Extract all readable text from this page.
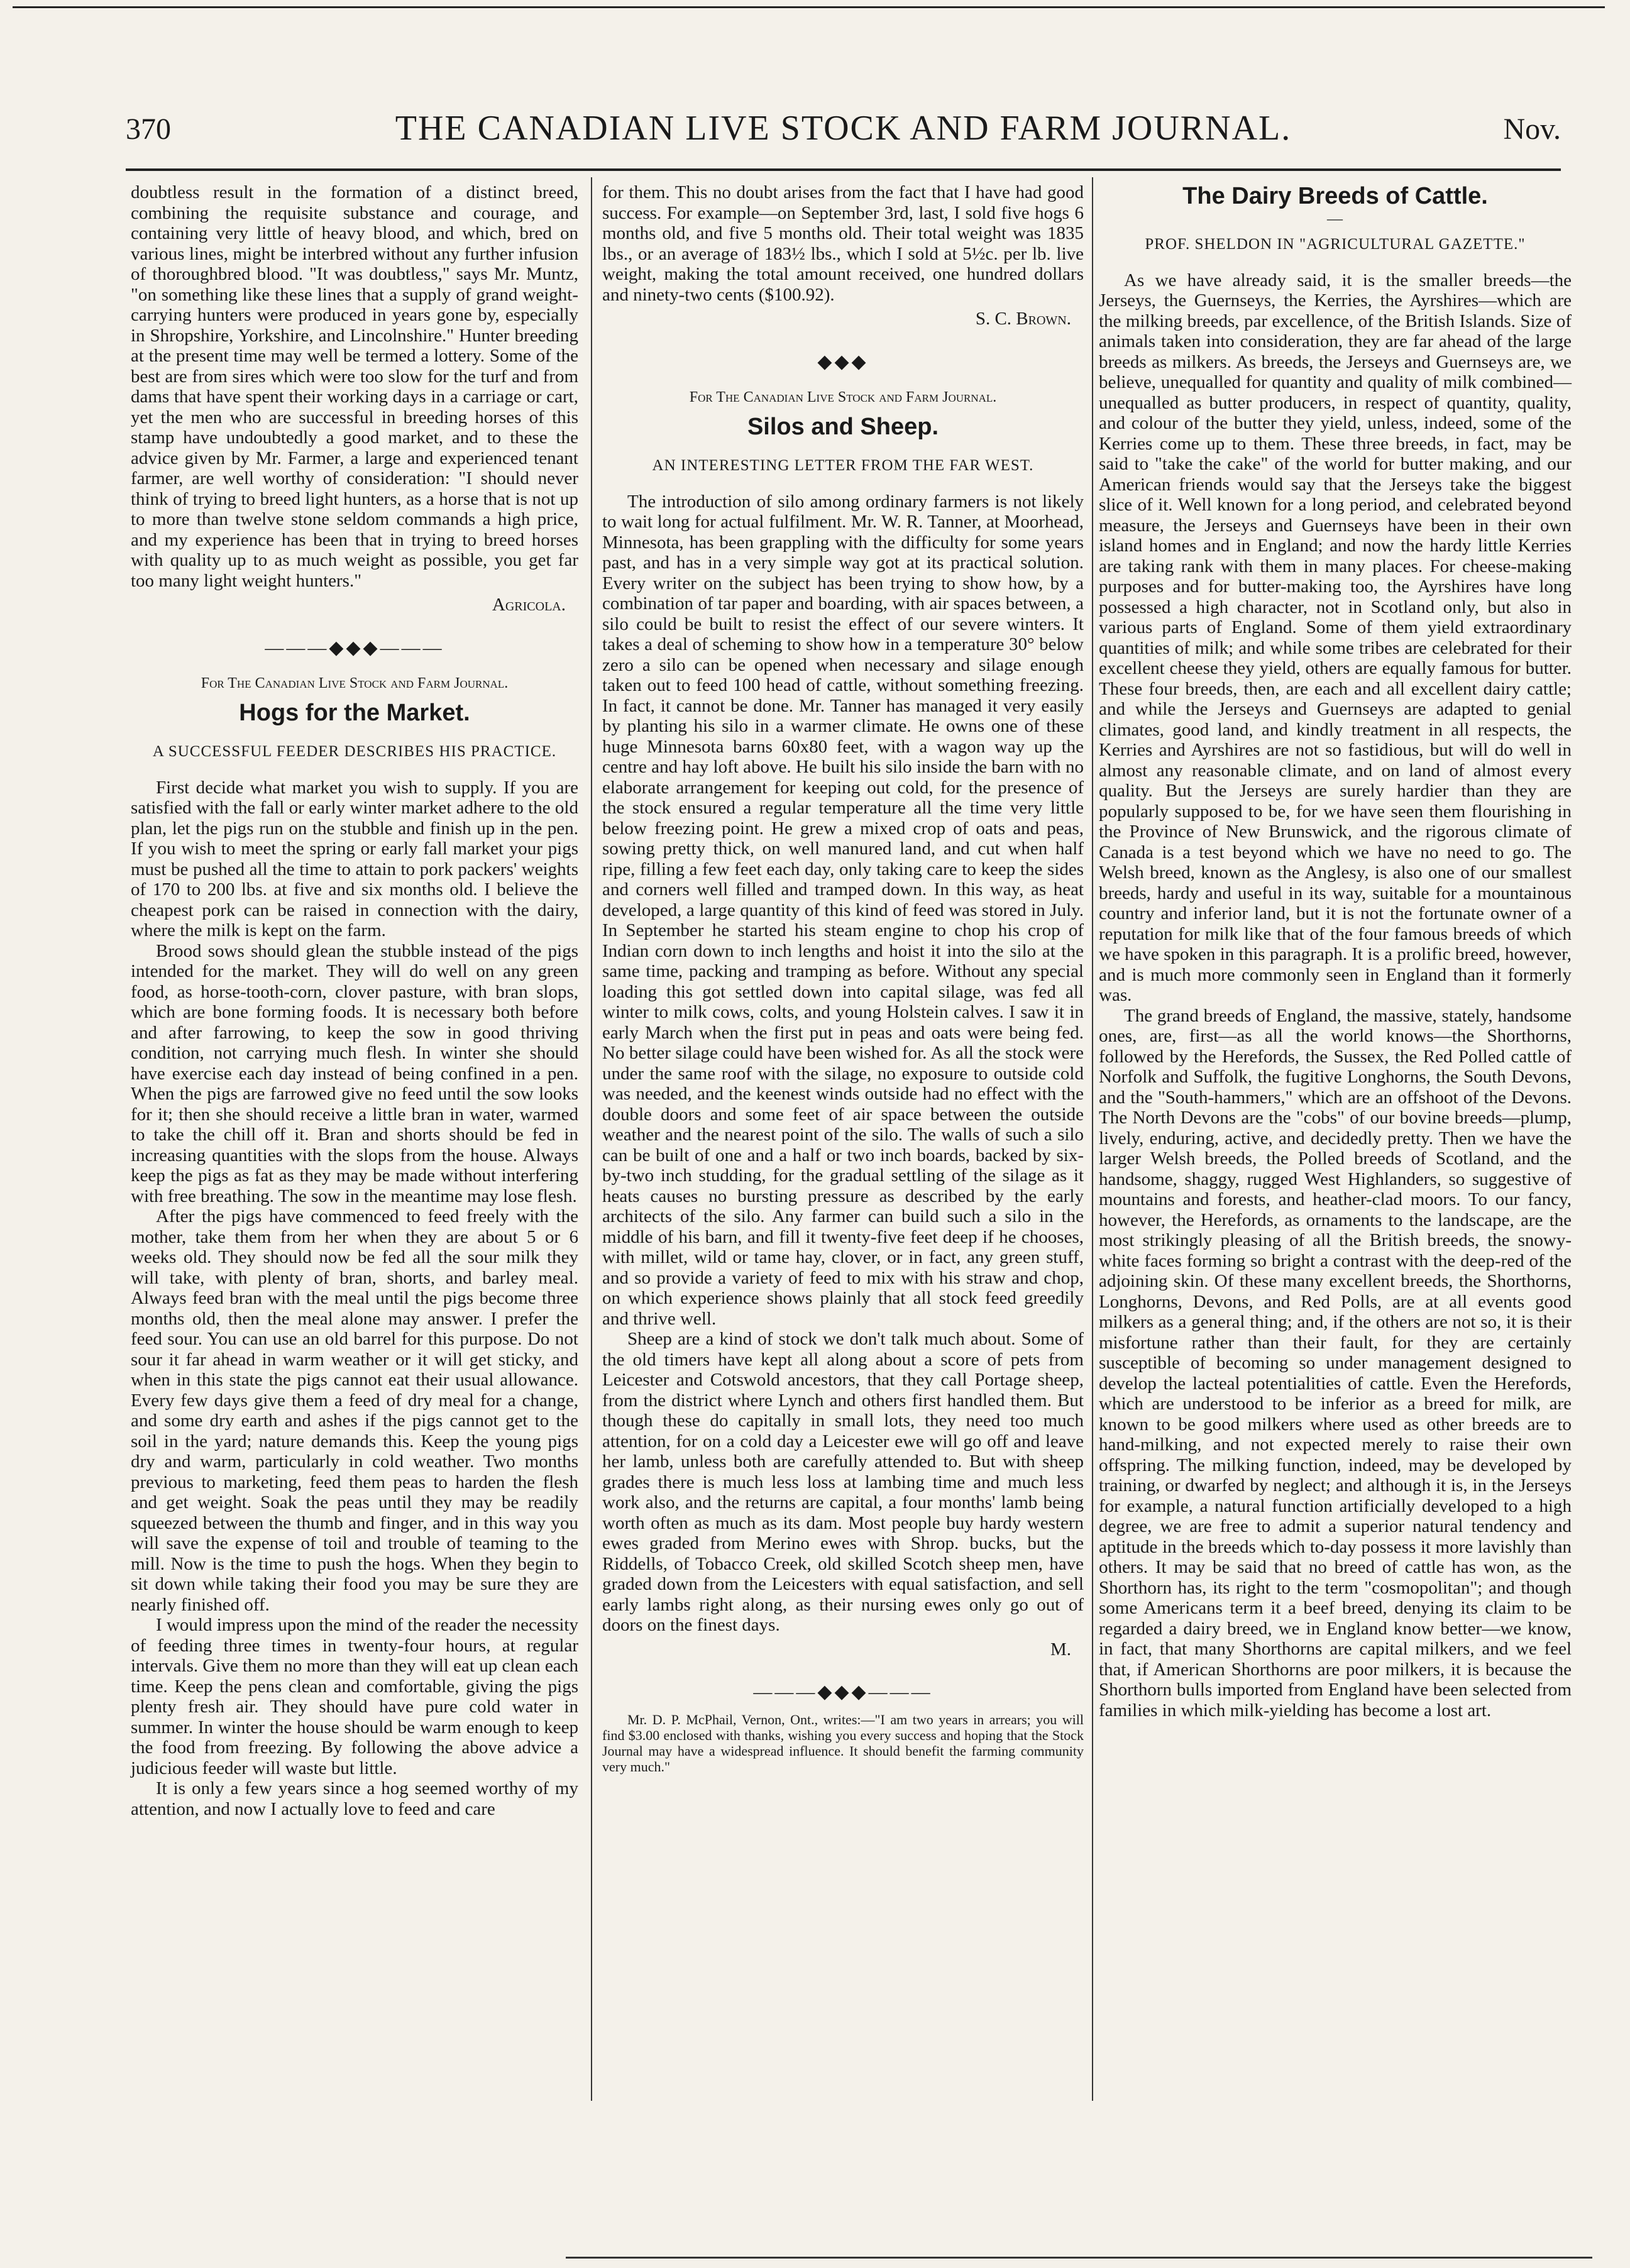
370	THE CANADIAN LIVE STOCK AND FARM JOURNAL.	Nov.

doubtless result in the formation of a distinct breed, combining the requisite substance and courage, and containing very little of heavy blood, and which, bred on various lines, might be interbred without any further infusion of thoroughbred blood. "It was doubtless," says Mr. Muntz, "on something like these lines that a supply of grand weight-carrying hunters were produced in years gone by, especially in Shropshire, Yorkshire, and Lincolnshire." Hunter breeding at the present time may well be termed a lottery. Some of the best are from sires which were too slow for the turf and from dams that have spent their working days in a carriage or cart, yet the men who are successful in breeding horses of this stamp have undoubtedly a good market, and to these the advice given by Mr. Farmer, a large and experienced tenant farmer, are well worthy of consideration: "I should never think of trying to breed light hunters, as a horse that is not up to more than twelve stone seldom commands a high price, and my experience has been that in trying to breed horses with quality up to as much weight as possible, you get far too many light weight hunters."

Agricola.
———◆◆◆———
For The Canadian Live Stock and Farm Journal.
Hogs for the Market.
A SUCCESSFUL FEEDER DESCRIBES HIS PRACTICE.

First decide what market you wish to supply. If you are satisfied with the fall or early winter market adhere to the old plan, let the pigs run on the stubble and finish up in the pen. If you wish to meet the spring or early fall market your pigs must be pushed all the time to attain to pork packers' weights of 170 to 200 lbs. at five and six months old. I believe the cheapest pork can be raised in connection with the dairy, where the milk is kept on the farm.

Brood sows should glean the stubble instead of the pigs intended for the market. They will do well on any green food, as horse-tooth-corn, clover pasture, with bran slops, which are bone forming foods. It is necessary both before and after farrowing, to keep the sow in good thriving condition, not carrying much flesh. In winter she should have exercise each day instead of being confined in a pen. When the pigs are farrowed give no feed until the sow looks for it; then she should receive a little bran in water, warmed to take the chill off it. Bran and shorts should be fed in increasing quantities with the slops from the house. Always keep the pigs as fat as they may be made without interfering with free breathing. The sow in the meantime may lose flesh.

After the pigs have commenced to feed freely with the mother, take them from her when they are about 5 or 6 weeks old. They should now be fed all the sour milk they will take, with plenty of bran, shorts, and barley meal. Always feed bran with the meal until the pigs become three months old, then the meal alone may answer. I prefer the feed sour. You can use an old barrel for this purpose. Do not sour it far ahead in warm weather or it will get sticky, and when in this state the pigs cannot eat their usual allowance. Every few days give them a feed of dry meal for a change, and some dry earth and ashes if the pigs cannot get to the soil in the yard; nature demands this. Keep the young pigs dry and warm, particularly in cold weather. Two months previous to marketing, feed them peas to harden the flesh and get weight. Soak the peas until they may be readily squeezed between the thumb and finger, and in this way you will save the expense of toil and trouble of teaming to the mill. Now is the time to push the hogs. When they begin to sit down while taking their food you may be sure they are nearly finished off.

I would impress upon the mind of the reader the necessity of feeding three times in twenty-four hours, at regular intervals. Give them no more than they will eat up clean each time. Keep the pens clean and comfortable, giving the pigs plenty fresh air. They should have pure cold water in summer. In winter the house should be warm enough to keep the food from freezing. By following the above advice a judicious feeder will waste but little.

It is only a few years since a hog seemed worthy of my attention, and now I actually love to feed and care

for them. This no doubt arises from the fact that I have had good success. For example—on September 3rd, last, I sold five hogs 6 months old, and five 5 months old. Their total weight was 1835 lbs., or an average of 183½ lbs., which I sold at 5½c. per lb. live weight, making the total amount received, one hundred dollars and ninety-two cents ($100.92).

S. C. Brown.
◆◆◆
For The Canadian Live Stock and Farm Journal.
Silos and Sheep.
AN INTERESTING LETTER FROM THE FAR WEST.

The introduction of silo among ordinary farmers is not likely to wait long for actual fulfilment. Mr. W. R. Tanner, at Moorhead, Minnesota, has been grappling with the difficulty for some years past, and has in a very simple way got at its practical solution. Every writer on the subject has been trying to show how, by a combination of tar paper and boarding, with air spaces between, a silo could be built to resist the effect of our severe winters. It takes a deal of scheming to show how in a temperature 30° below zero a silo can be opened when necessary and silage enough taken out to feed 100 head of cattle, without something freezing. In fact, it cannot be done. Mr. Tanner has managed it very easily by planting his silo in a warmer climate. He owns one of these huge Minnesota barns 60x80 feet, with a wagon way up the centre and hay loft above. He built his silo inside the barn with no elaborate arrangement for keeping out cold, for the presence of the stock ensured a regular temperature all the time very little below freezing point. He grew a mixed crop of oats and peas, sowing pretty thick, on well manured land, and cut when half ripe, filling a few feet each day, only taking care to keep the sides and corners well filled and tramped down. In this way, as heat developed, a large quantity of this kind of feed was stored in July. In September he started his steam engine to chop his crop of Indian corn down to inch lengths and hoist it into the silo at the same time, packing and tramping as before. Without any special loading this got settled down into capital silage, was fed all winter to milk cows, colts, and young Holstein calves. I saw it in early March when the first put in peas and oats were being fed. No better silage could have been wished for. As all the stock were under the same roof with the silage, no exposure to outside cold was needed, and the keenest winds outside had no effect with the double doors and some feet of air space between the outside weather and the nearest point of the silo. The walls of such a silo can be built of one and a half or two inch boards, backed by six-by-two inch studding, for the gradual settling of the silage as it heats causes no bursting pressure as described by the early architects of the silo. Any farmer can build such a silo in the middle of his barn, and fill it twenty-five feet deep if he chooses, with millet, wild or tame hay, clover, or in fact, any green stuff, and so provide a variety of feed to mix with his straw and chop, on which experience shows plainly that all stock feed greedily and thrive well.

Sheep are a kind of stock we don't talk much about. Some of the old timers have kept all along about a score of pets from Leicester and Cotswold ancestors, that they call Portage sheep, from the district where Lynch and others first handled them. But though these do capitally in small lots, they need too much attention, for on a cold day a Leicester ewe will go off and leave her lamb, unless both are carefully attended to. But with sheep grades there is much less loss at lambing time and much less work also, and the returns are capital, a four months' lamb being worth often as much as its dam. Most people buy hardy western ewes graded from Merino ewes with Shrop. bucks, but the Riddells, of Tobacco Creek, old skilled Scotch sheep men, have graded down from the Leicesters with equal satisfaction, and sell early lambs right along, as their nursing ewes only go out of doors on the finest days.

M.
———◆◆◆———

Mr. D. P. McPhail, Vernon, Ont., writes:—"I am two years in arrears; you will find $3.00 enclosed with thanks, wishing you every success and hoping that the Stock Journal may have a widespread influence. It should benefit the farming community very much."

The Dairy Breeds of Cattle.
—
PROF. SHELDON IN "AGRICULTURAL GAZETTE."

As we have already said, it is the smaller breeds—the Jerseys, the Guernseys, the Kerries, the Ayrshires—which are the milking breeds, par excellence, of the British Islands. Size of animals taken into consideration, they are far ahead of the large breeds as milkers. As breeds, the Jerseys and Guernseys are, we believe, unequalled for quantity and quality of milk combined—unequalled as butter producers, in respect of quantity, quality, and colour of the butter they yield, unless, indeed, some of the Kerries come up to them. These three breeds, in fact, may be said to "take the cake" of the world for butter making, and our American friends would say that the Jerseys take the biggest slice of it. Well known for a long period, and celebrated beyond measure, the Jerseys and Guernseys have been in their own island homes and in England; and now the hardy little Kerries are taking rank with them in many places. For cheese-making purposes and for butter-making too, the Ayrshires have long possessed a high character, not in Scotland only, but also in various parts of England. Some of them yield extraordinary quantities of milk; and while some tribes are celebrated for their excellent cheese they yield, others are equally famous for butter. These four breeds, then, are each and all excellent dairy cattle; and while the Jerseys and Guernseys are adapted to genial climates, good land, and kindly treatment in all respects, the Kerries and Ayrshires are not so fastidious, but will do well in almost any reasonable climate, and on land of almost every quality. But the Jerseys are surely hardier than they are popularly supposed to be, for we have seen them flourishing in the Province of New Brunswick, and the rigorous climate of Canada is a test beyond which we have no need to go. The Welsh breed, known as the Anglesy, is also one of our smallest breeds, hardy and useful in its way, suitable for a mountainous country and inferior land, but it is not the fortunate owner of a reputation for milk like that of the four famous breeds of which we have spoken in this paragraph. It is a prolific breed, however, and is much more commonly seen in England than it formerly was.

The grand breeds of England, the massive, stately, handsome ones, are, first—as all the world knows—the Shorthorns, followed by the Herefords, the Sussex, the Red Polled cattle of Norfolk and Suffolk, the fugitive Longhorns, the South Devons, and the "South-hammers," which are an offshoot of the Devons. The North Devons are the "cobs" of our bovine breeds—plump, lively, enduring, active, and decidedly pretty. Then we have the larger Welsh breeds, the Polled breeds of Scotland, and the handsome, shaggy, rugged West Highlanders, so suggestive of mountains and forests, and heather-clad moors. To our fancy, however, the Herefords, as ornaments to the landscape, are the most strikingly pleasing of all the British breeds, the snowy-white faces forming so bright a contrast with the deep-red of the adjoining skin. Of these many excellent breeds, the Shorthorns, Longhorns, Devons, and Red Polls, are at all events good milkers as a general thing; and, if the others are not so, it is their misfortune rather than their fault, for they are certainly susceptible of becoming so under management designed to develop the lacteal potentialities of cattle. Even the Herefords, which are understood to be inferior as a breed for milk, are known to be good milkers where used as other breeds are to hand-milking, and not expected merely to raise their own offspring. The milking function, indeed, may be developed by training, or dwarfed by neglect; and although it is, in the Jerseys for example, a natural function artificially developed to a high degree, we are free to admit a superior natural tendency and aptitude in the breeds which to-day possess it more lavishly than others. It may be said that no breed of cattle has won, as the Shorthorn has, its right to the term "cosmopolitan"; and though some Americans term it a beef breed, denying its claim to be regarded a dairy breed, we in England know better—we know, in fact, that many Shorthorns are capital milkers, and we feel that, if American Shorthorns are poor milkers, it is because the Shorthorn bulls imported from England have been selected from families in which milk-yielding has become a lost art.
